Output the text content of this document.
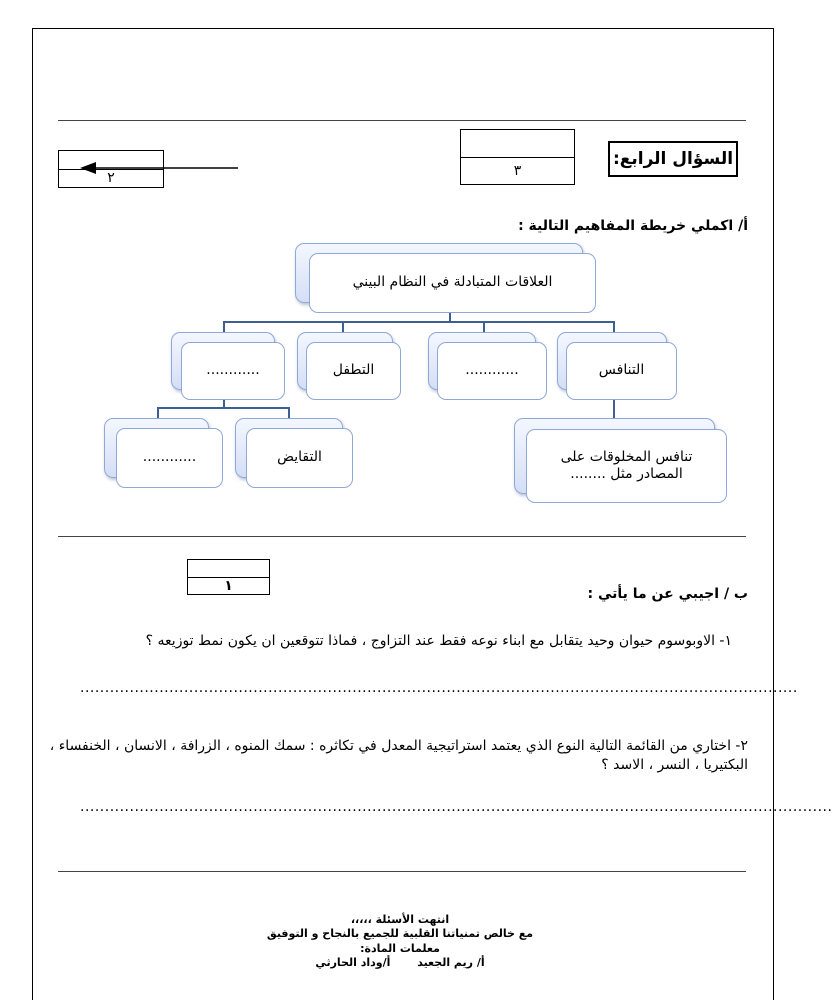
السؤال الرابع:
٣
٢
أ/ اكملي خريطة المفاهيم التالية :
العلاقات المتبادلة في النظام البيني
التنافس
............
التطفل
............
تنافس المخلوقات على المصادر مثل ........
التقايض
............
١
ب / اجيبي عن ما يأتي :
١- الاوبوسوم حيوان وحيد يتقابل مع ابناء نوعه فقط عند التزاوج ، فماذا تتوقعين ان يكون نمط توزيعه ؟
.................................................................................................................................................
٢- اختاري من القائمة التالية النوع الذي يعتمد استراتيجية المعدل في تكاثره : سمك المنوه ، الزرافة ، الانسان ، الخنفساء ، البكتيريا ، النسر ، الاسد ؟
........................................................................................................................................................
انتهت الأسئلة ،،،،،
مع خالص تمنياتنا القلبية للجميع بالنجاح و التوفيق
معلمات المادة:
أ/ ريم الجعيد       أ/وداد الحارثي
